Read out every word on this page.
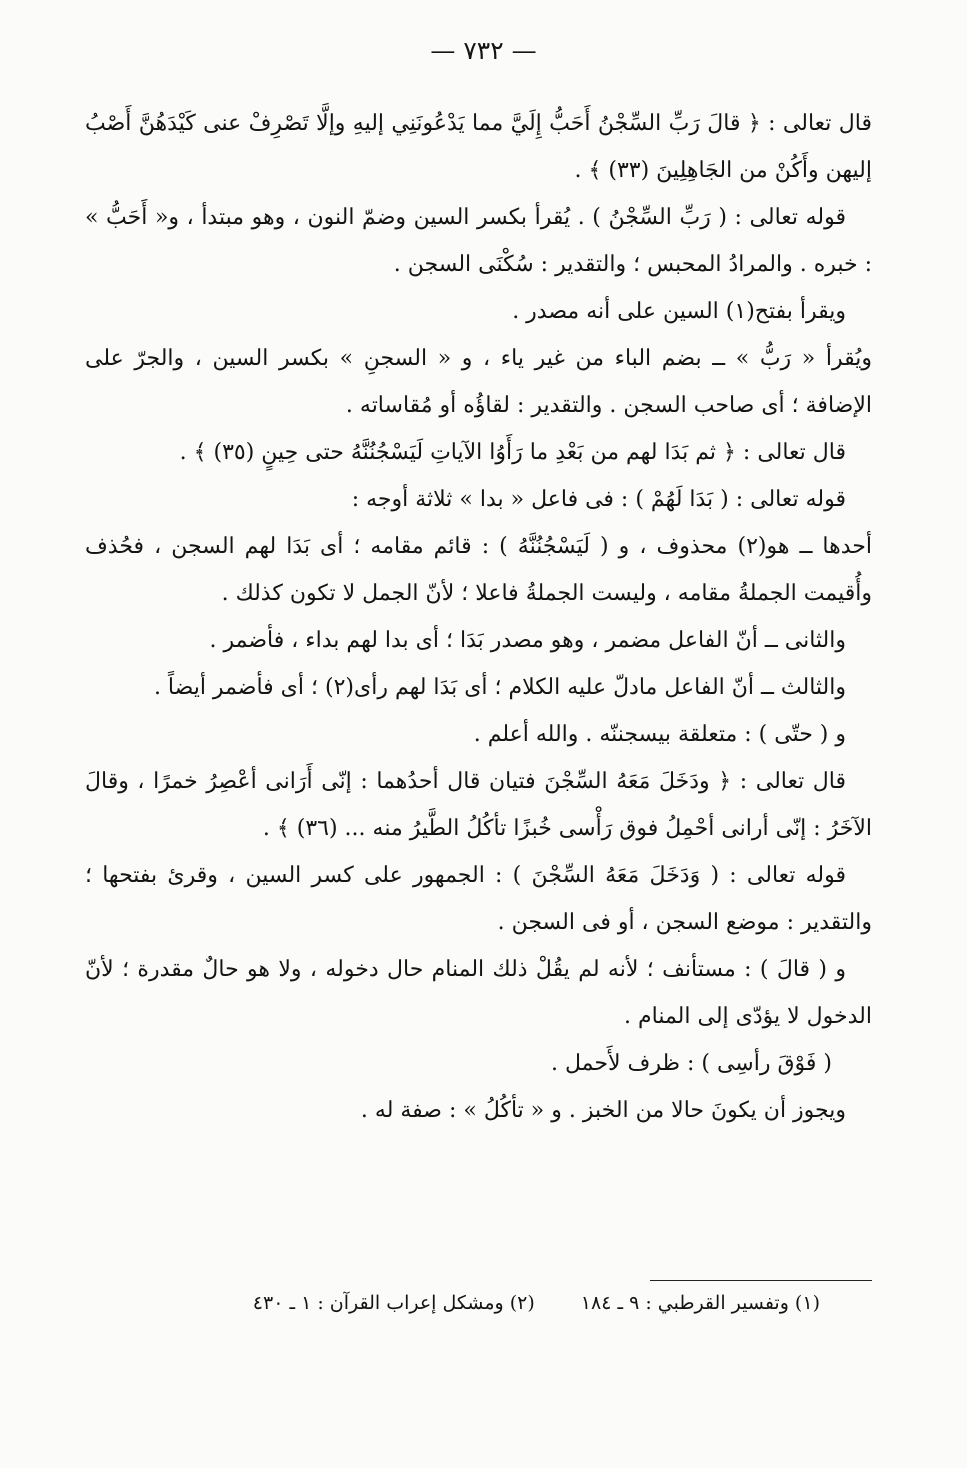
— ٧٣٢ —

قال تعالى : ﴿ قالَ رَبِّ السِّجْنُ أَحَبُّ إِلَيَّ مما يَدْعُونَنِي إليهِ وإلَّا تَصْرِفْ عنى كَيْدَهُنَّ أَصْبُ إليهن وأَكُنْ من الجَاهِلِينَ (٣٣) ﴾ .

قوله تعالى : ( رَبِّ السِّجْنُ ) . يُقرأ بكسر السين وضمّ النون ، وهو مبتدأ ، و« أَحَبُّ » : خبره . والمرادُ المحبس ؛ والتقدير : سُكْنَى السجن .

ويقرأ بفتح(١) السين على أنه مصدر .

ويُقرأ « رَبُّ » ــ بضم الباء من غير ياء ، و « السجنِ » بكسر السين ، والجرّ على الإضافة ؛ أى صاحب السجن . والتقدير : لقاؤُه أو مُقاساته .

قال تعالى : ﴿ ثم بَدَا لهم من بَعْدِ ما رَأَوُا الآياتِ لَيَسْجُنُنَّهُ حتى حِينٍ (٣٥) ﴾ .

قوله تعالى : ( بَدَا لَهُمْ ) : فى فاعل « بدا » ثلاثة أوجه :

أحدها ــ هو(٢) محذوف ، و ( لَيَسْجُنُنَّهُ ) : قائم مقامه ؛ أى بَدَا لهم السجن ، فحُذف وأُقيمت الجملةُ مقامه ، وليست الجملةُ فاعلا ؛ لأنّ الجمل لا تكون كذلك .

والثانى ــ أنّ الفاعل مضمر ، وهو مصدر بَدَا ؛ أى بدا لهم بداء ، فأضمر .

والثالث ــ أنّ الفاعل مادلّ عليه الكلام ؛ أى بَدَا لهم رأى(٢) ؛ أى فأضمر أيضاً .

و ( حتّى ) : متعلقة بيسجننّه . والله أعلم .

قال تعالى : ﴿ ودَخَلَ مَعَهُ السِّجْنَ فتيان قال أحدُهما : إنّى أَرَانى أعْصِرُ خمرًا ، وقالَ الآخَرُ : إنّى أرانى أحْمِلُ فوق رَأْسى خُبزًا تأكُلُ الطَّيرُ منه ... (٣٦) ﴾ .

قوله تعالى : ( وَدَخَلَ مَعَهُ السِّجْنَ ) : الجمهور على كسر السين ، وقرئ بفتحها ؛ والتقدير : موضع السجن ، أو فى السجن .

و ( قالَ ) : مستأنف ؛ لأنه لم يقُلْ ذلك المنام حال دخوله ، ولا هو حالٌ مقدرة ؛ لأنّ الدخول لا يؤدّى إلى المنام .

( فَوْقَ رأسِى ) : ظرف لأَحمل .

ويجوز أن يكونَ حالا من الخبز . و « تأكُلُ » : صفة له .

(١) وتفسير القرطبي : ٩ ـ ١٨٤
(٢) ومشكل إعراب القرآن : ١ ـ ٤٣٠
